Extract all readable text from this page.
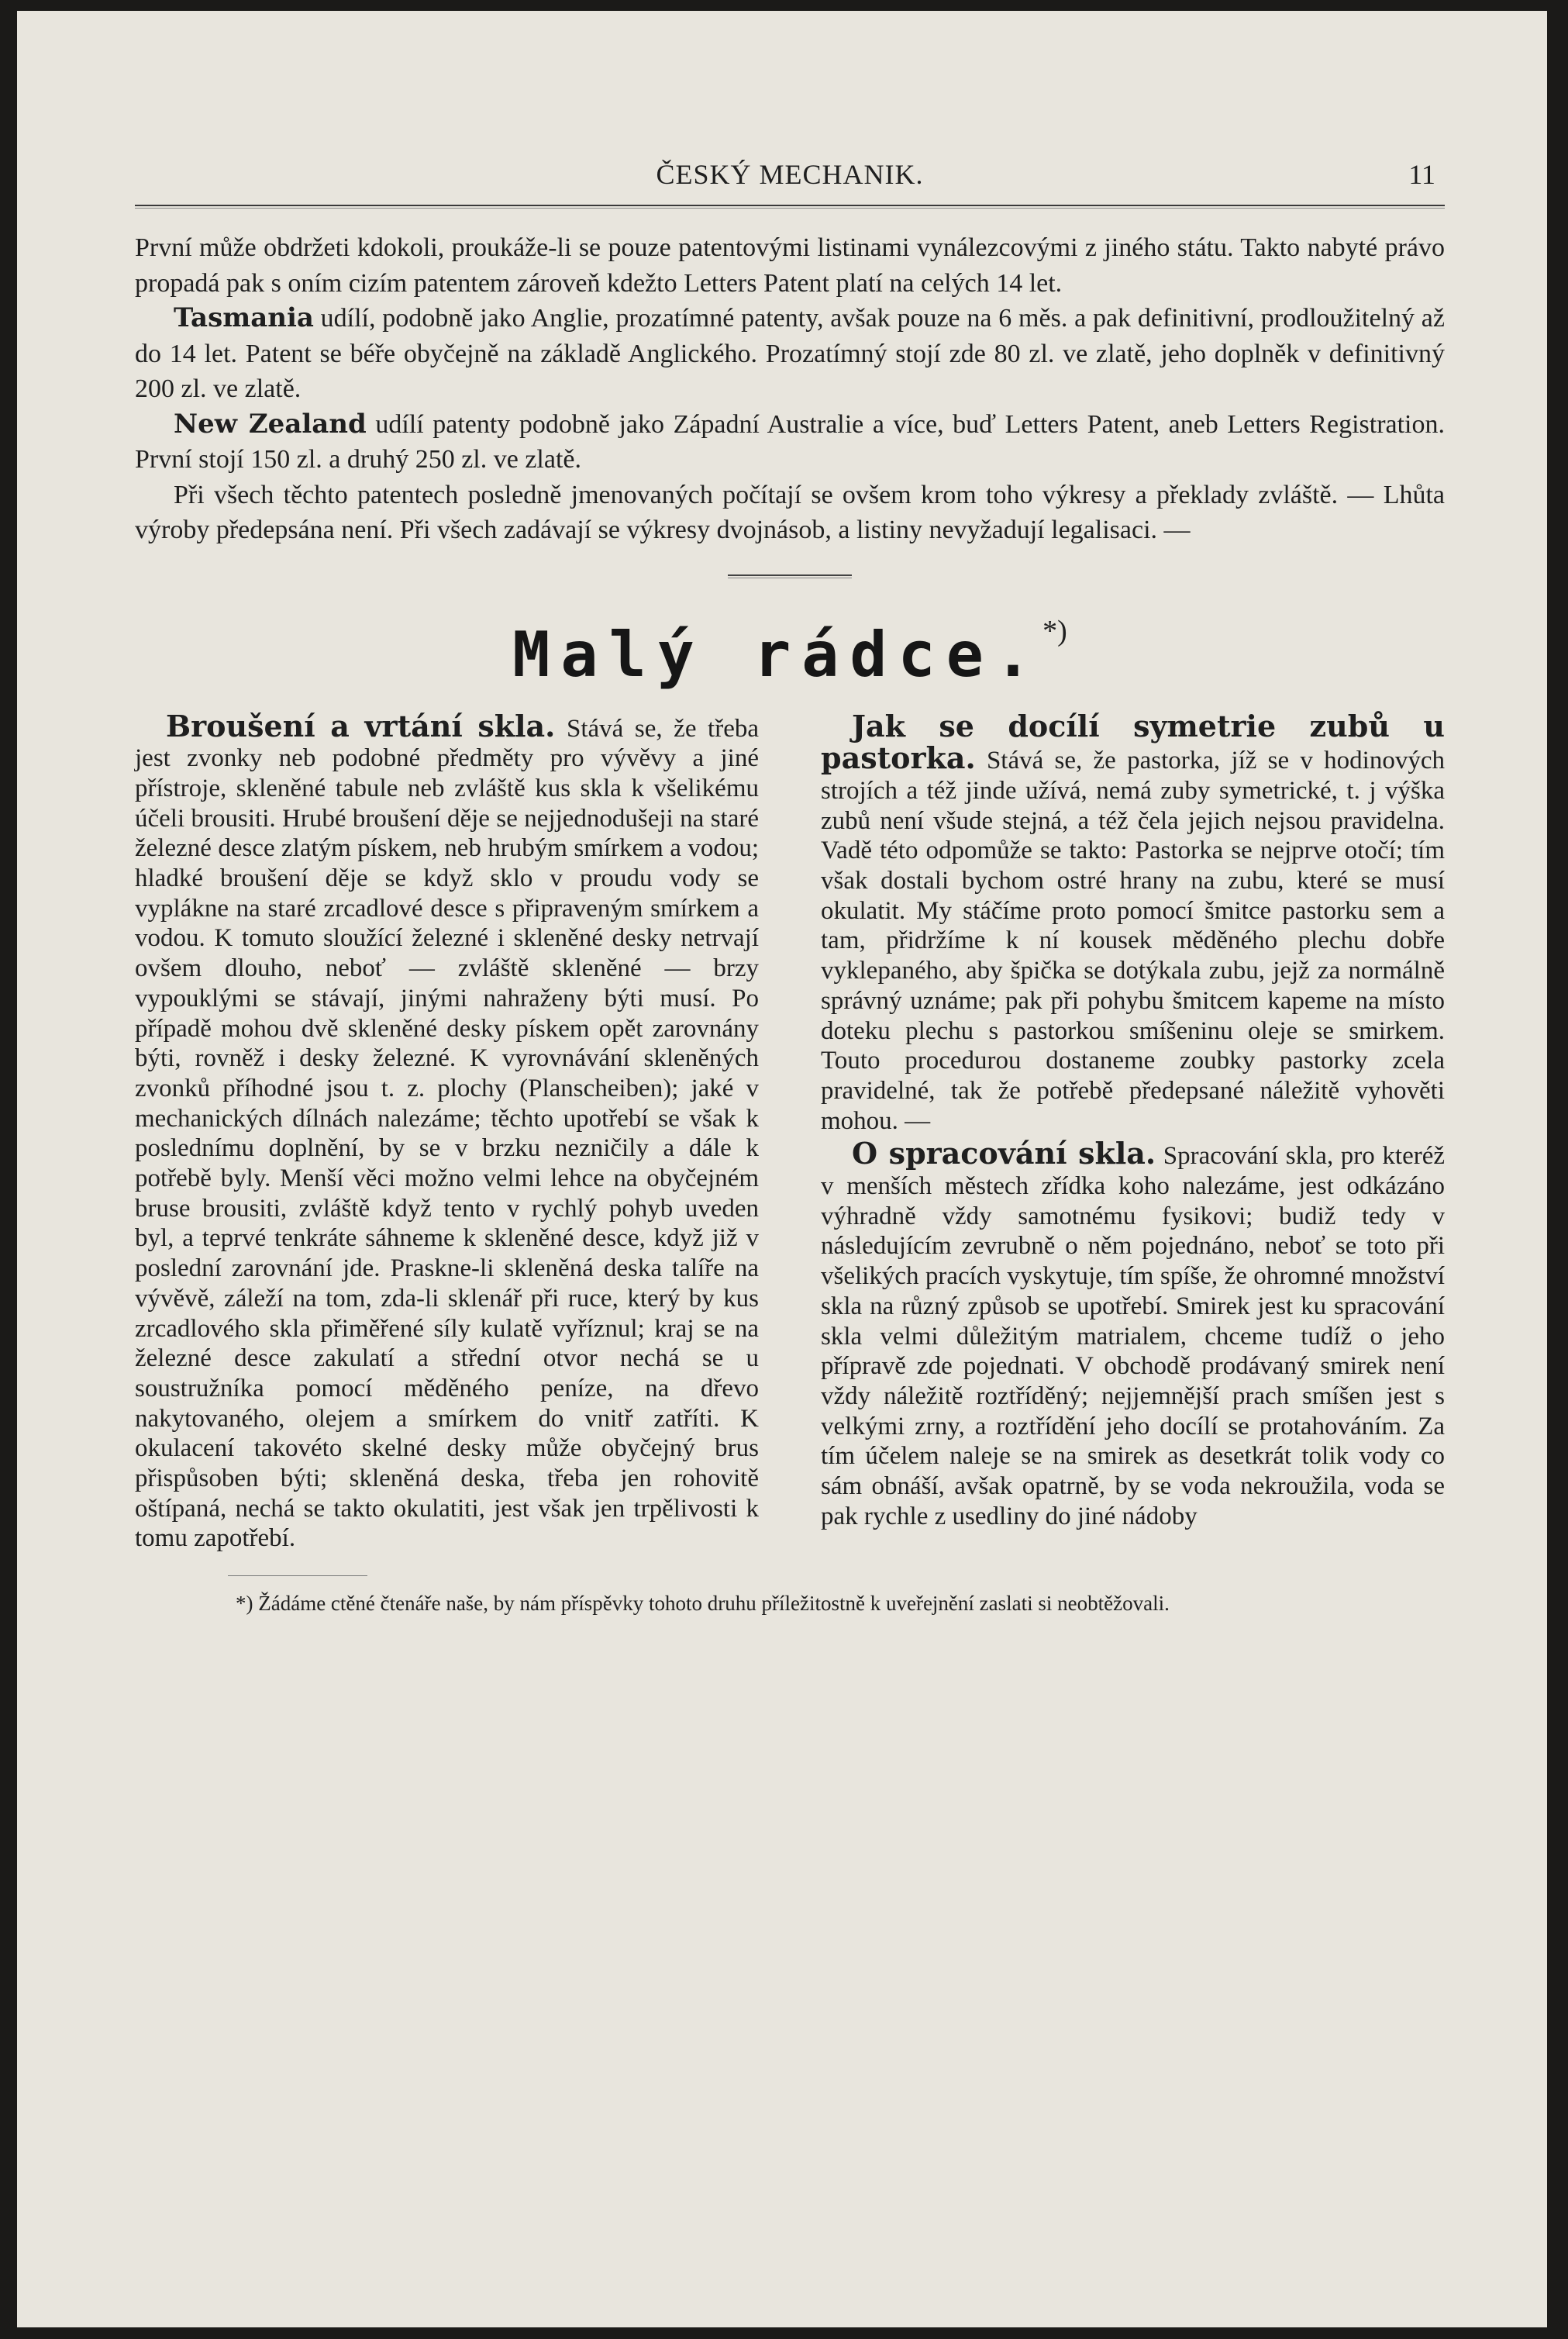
ČESKÝ MECHANIK.	11

První může obdržeti kdokoli, proukáže-li se pouze patentovými listinami vynálezcovými z jiného státu. Takto nabyté právo propadá pak s oním cizím patentem zároveň kdežto Letters Patent platí na celých 14 let.

Tasmania udílí, podobně jako Anglie, prozatímné patenty, avšak pouze na 6 měs. a pak definitivní, prodloužitelný až do 14 let. Patent se béře obyčejně na základě Anglického. Prozatímný stojí zde 80 zl. ve zlatě, jeho doplněk v definitivný 200 zl. ve zlatě.

New Zealand udílí patenty podobně jako Západní Australie a více, buď Letters Patent, aneb Letters Registration. První stojí 150 zl. a druhý 250 zl. ve zlatě.

Při všech těchto patentech posledně jmenovaných počítají se ovšem krom toho výkresy a překlady zvláště. — Lhůta výroby předepsána není. Při všech zadávají se výkresy dvojnásob, a listiny nevyžadují legalisaci. —

Malý rádce.*)

Broušení a vrtání skla. Stává se, že třeba jest zvonky neb podobné předměty pro vývěvy a jiné přístroje, skleněné tabule neb zvláště kus skla k všelikému účeli brousiti. Hrubé broušení děje se nejjednodušeji na staré železné desce zlatým pískem, neb hrubým smírkem a vodou; hladké broušení děje se když sklo v proudu vody se vyplákne na staré zrcadlové desce s připraveným smírkem a vodou. K tomuto sloužící železné i skleněné desky netrvají ovšem dlouho, neboť — zvláště skleněné — brzy vypouklými se stávají, jinými nahraženy býti musí. Po případě mohou dvě skleněné desky pískem opět zarovnány býti, rovněž i desky železné. K vyrovnávání skleněných zvonků příhodné jsou t. z. plochy (Planscheiben); jaké v mechanických dílnách nalezáme; těchto upotřebí se však k poslednímu doplnění, by se v brzku nezničily a dále k potřebě byly. Menší věci možno velmi lehce na obyčejném bruse brousiti, zvláště když tento v rychlý pohyb uveden byl, a teprvé tenkráte sáhneme k skleněné desce, když již v poslední zarovnání jde. Praskne-li skleněná deska talíře na vývěvě, záleží na tom, zda-li sklenář při ruce, který by kus zrcadlového skla přiměřené síly kulatě vyříznul; kraj se na železné desce zakulatí a střední otvor nechá se u soustružníka pomocí měděného peníze, na dřevo nakytovaného, olejem a smírkem do vnitř zatříti. K okulacení takovéto skelné desky může obyčejný brus přispůsoben býti; skleněná deska, třeba jen rohovitě oštípaná, nechá se takto okulatiti, jest však jen trpělivosti k tomu zapotřebí.

Jak se docílí symetrie zubů u pastorka. Stává se, že pastorka, jíž se v hodinových strojích a též jinde užívá, nemá zuby symetrické, t. j výška zubů není všude stejná, a též čela jejich nejsou pravidelna. Vadě této odpomůže se takto: Pastorka se nejprve otočí; tím však dostali bychom ostré hrany na zubu, které se musí okulatit. My stáčíme proto pomocí šmitce pastorku sem a tam, přidržíme k ní kousek měděného plechu dobře vyklepaného, aby špička se dotýkala zubu, jejž za normálně správný uznáme; pak při pohybu šmitcem kapeme na místo doteku plechu s pastorkou smíšeninu oleje se smirkem. Touto procedurou dostaneme zoubky pastorky zcela pravidelné, tak že potřebě předepsané náležitě vyhověti mohou. —

O spracování skla. Spracování skla, pro kteréž v menších městech zřídka koho nalezáme, jest odkázáno výhradně vždy samotnému fysikovi; budiž tedy v následujícím zevrubně o něm pojednáno, neboť se toto při všelikých pracích vyskytuje, tím spíše, že ohromné množství skla na různý způsob se upotřebí. Smirek jest ku spracování skla velmi důležitým matrialem, chceme tudíž o jeho přípravě zde pojednati. V obchodě prodávaný smirek není vždy náležitě roztříděný; nejjemnější prach smíšen jest s velkými zrny, a roztřídění jeho docílí se protahováním. Za tím účelem naleje se na smirek as desetkrát tolik vody co sám obnáší, avšak opatrně, by se voda nekroužila, voda se pak rychle z usedliny do jiné nádoby

*) Žádáme ctěné čtenáře naše, by nám příspěvky tohoto druhu příležitostně k uveřejnění zaslati si neobtěžovali.
